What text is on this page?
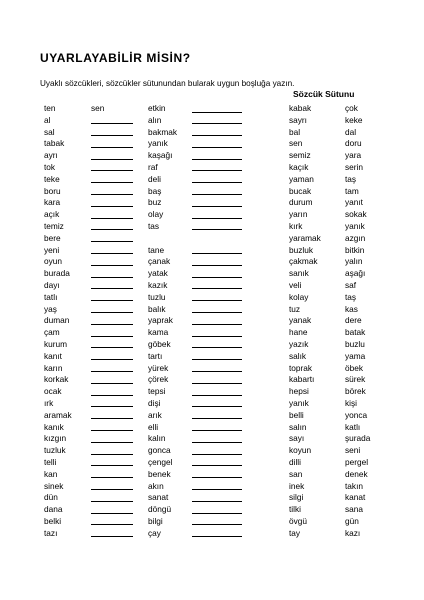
UYARLAYABİLİR MİSİN?
Uyaklı sözcükleri, sözcükler sütunundan bularak uygun boşluğa yazın.
Sözcük Sütunu
ten	sen	etkin	kabak	çok
al	alın	sayrı	keke
sal	bakmak	bal	dal
tabak	yanık	sen	doru
ayrı	kaşağı	semiz	yara
tok	raf	kaçık	serin
teke	deli	yaman	taş
boru	baş	bucak	tam
kara	buz	durum	yanıt
açık	olay	yarın	sokak
temiz	tas	kırk	yanık
bere	yaramak	azgın
yeni	tane	buzluk	bitkin
oyun	çanak	çakmak	yalın
burada	yatak	sanık	aşağı
dayı	kazık	veli	saf
tatlı	tuzlu	kolay	taş
yaş	balık	tuz	kas
duman	yaprak	yanak	dere
çam	kama	hane	batak
kurum	göbek	yazık	buzlu
kanıt	tartı	salık	yama
karın	yürek	toprak	öbek
korkak	çörek	kabartı	sürek
ocak	tepsi	hepsi	börek
ırk	dişi	yanık	kişi
aramak	arık	belli	yonca
kanık	elli	salın	katlı
kızgın	kalın	sayı	şurada
tuzluk	gonca	koyun	seni
telli	çengel	dilli	pergel
kan	benek	san	denek
sinek	akın	inek	takın
dün	sanat	silgi	kanat
dana	döngü	tilki	sana
belki	bilgi	övgü	gün
tazı	çay	tay	kazı
